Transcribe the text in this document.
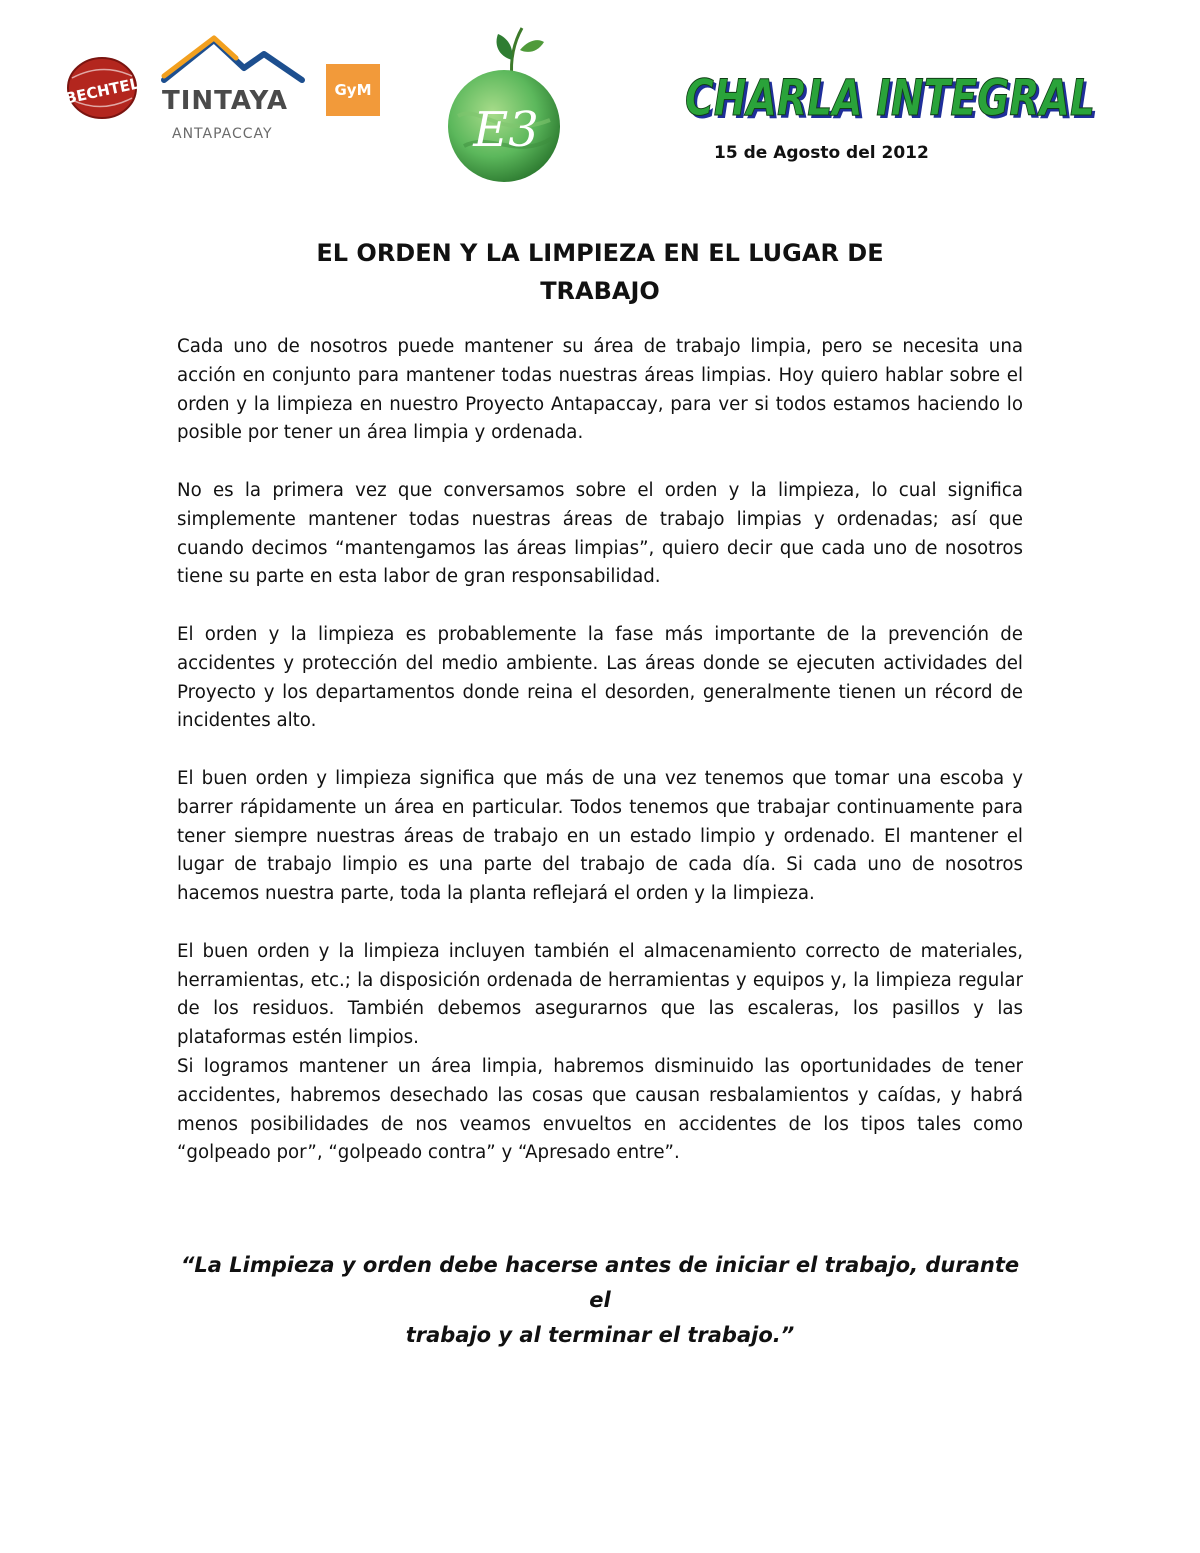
BECHTEL TINTAYA
ANTAPACCAY
GyM
E3	CHARLA INTEGRAL
CHARLA INTEGRAL
15 de Agosto del 2012
EL ORDEN Y LA LIMPIEZA EN EL LUGAR DE
TRABAJO

Cada uno de nosotros puede mantener su área de trabajo limpia, pero se necesita una acción en conjunto para mantener todas nuestras áreas limpias. Hoy quiero hablar sobre el orden y la limpieza en nuestro Proyecto Antapaccay, para ver si todos estamos haciendo lo posible por tener un área limpia y ordenada.

No es la primera vez que conversamos sobre el orden y la limpieza, lo cual significa simplemente mantener todas nuestras áreas de trabajo limpias y ordenadas; así que cuando decimos “mantengamos las áreas limpias”, quiero decir que cada uno de nosotros tiene su parte en esta labor de gran responsabilidad.

El orden y la limpieza es probablemente la fase más importante de la prevención de accidentes y protección del medio ambiente. Las áreas donde se ejecuten actividades del Proyecto y los departamentos donde reina el desorden, generalmente tienen un récord de incidentes alto.

El buen orden y limpieza significa que más de una vez tenemos que tomar una escoba y barrer rápidamente un área en particular. Todos tenemos que trabajar continuamente para tener siempre nuestras áreas de trabajo en un estado limpio y ordenado. El mantener el lugar de trabajo limpio es una parte del trabajo de cada día. Si cada uno de nosotros hacemos nuestra parte, toda la planta reflejará el orden y la limpieza.

El buen orden y la limpieza incluyen también el almacenamiento correcto de materiales, herramientas, etc.; la disposición ordenada de herramientas y equipos y, la limpieza regular de los residuos. También debemos asegurarnos que las escaleras, los pasillos y las plataformas estén limpios.

Si logramos mantener un área limpia, habremos disminuido las oportunidades de tener accidentes, habremos desechado las cosas que causan resbalamientos y caídas, y habrá menos posibilidades de nos veamos envueltos en accidentes de los tipos tales como “golpeado por”, “golpeado contra” y “Apresado entre”.

“La Limpieza y orden debe hacerse antes de iniciar el trabajo, durante el
trabajo y al terminar el trabajo.”
